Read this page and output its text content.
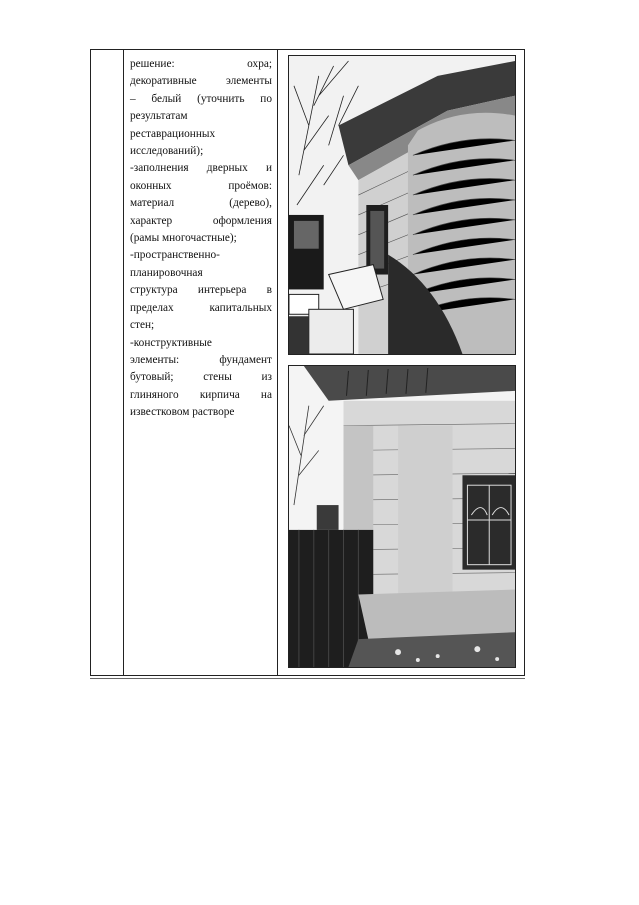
решение: охра;

декоративные элементы

– белый (уточнить по

результатам

реставрационных

исследований);

-заполнения дверных и

оконных проёмов:

материал (дерево),

характер оформления

(рамы многочастные);

-пространственно-

планировочная

структура интерьера в

пределах капитальных

стен;

-конструктивные

элементы: фундамент

бутовый; стены из

глиняного кирпича на

известковом растворе
